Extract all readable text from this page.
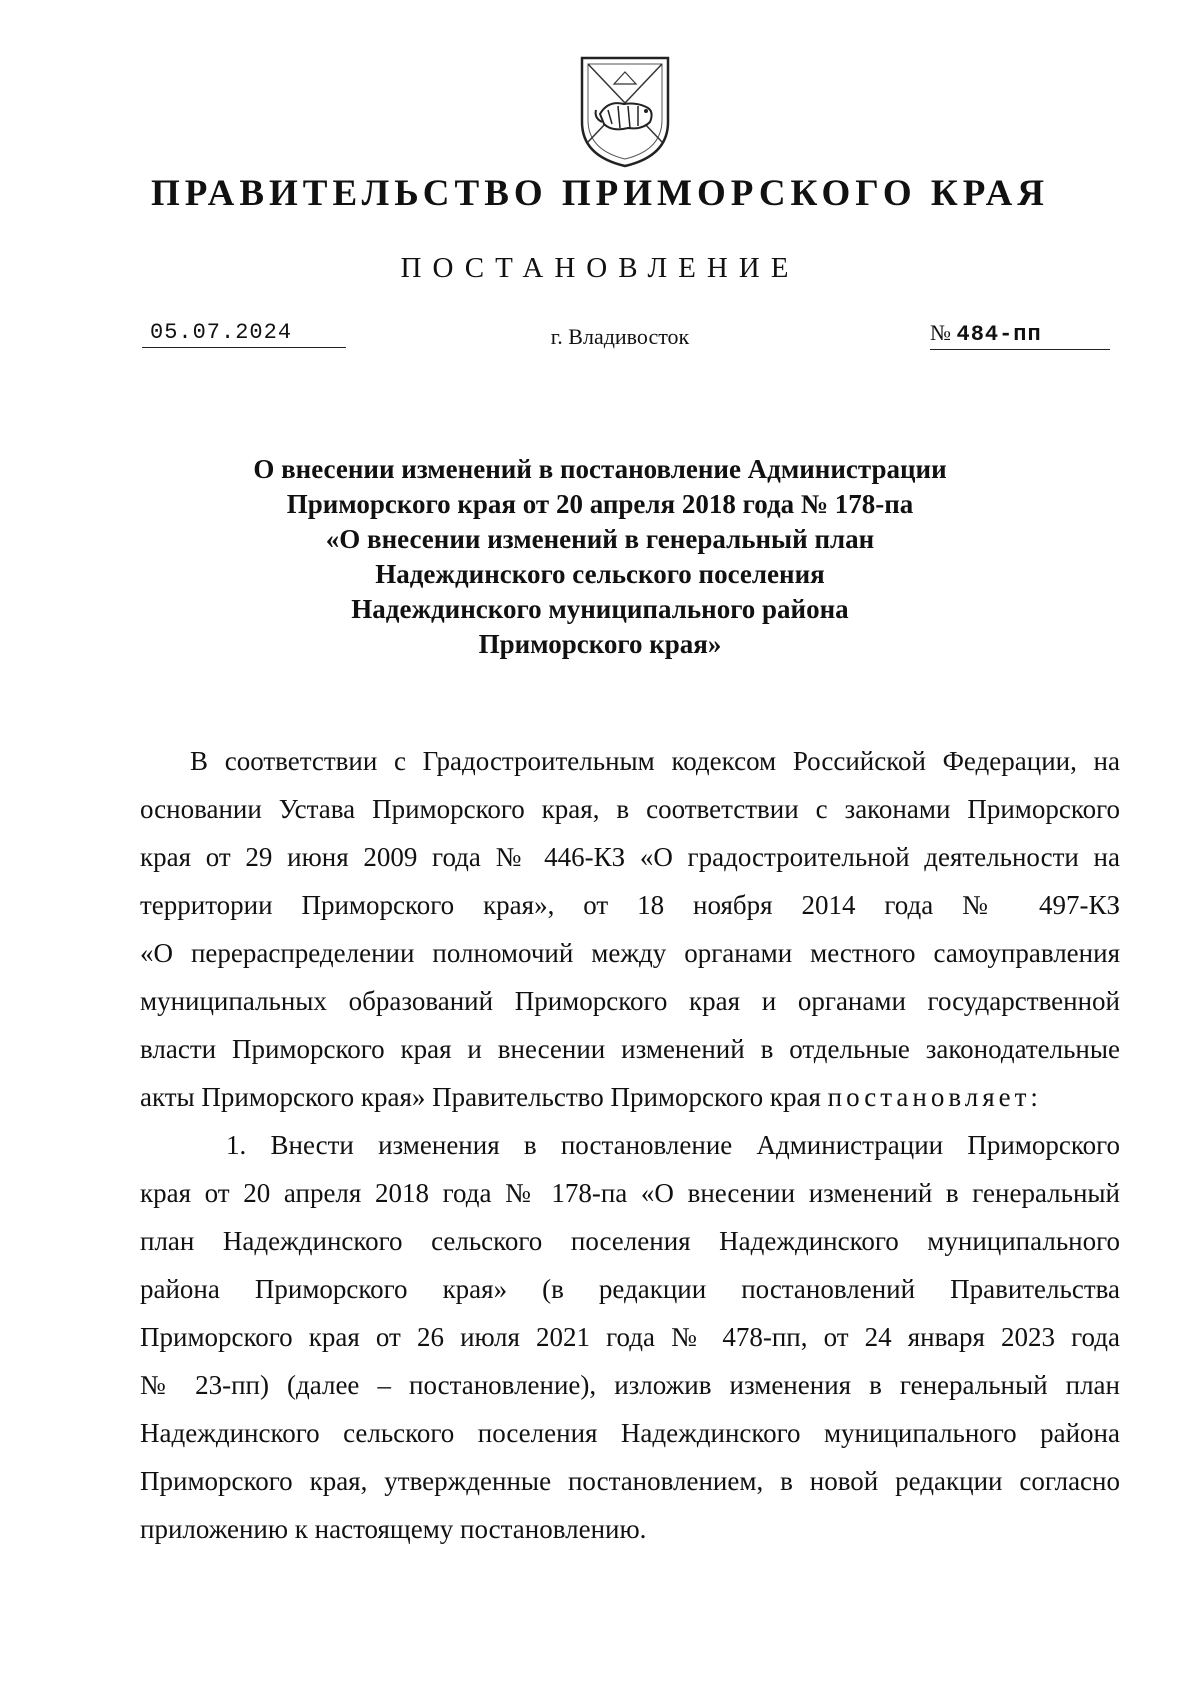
ПРАВИТЕЛЬСТВО ПРИМОРСКОГО КРАЯ
ПОСТАНОВЛЕНИЕ
05.07.2024	г. Владивосток	№ 484-пп
О внесении изменений в постановление Администрации
Приморского края от 20 апреля 2018 года № 178-па
«О внесении изменений в генеральный план
Надеждинского сельского поселения
Надеждинского муниципального района
Приморского края»
В соответствии с Градостроительным кодексом Российской Федерации, на
основании Устава Приморского края, в соответствии с законами Приморского
края от 29 июня 2009 года № 446-КЗ «О градостроительной деятельности на
территории Приморского края», от 18 ноября 2014 года № 497-КЗ
«О перераспределении полномочий между органами местного самоуправления
муниципальных образований Приморского края и органами государственной
власти Приморского края и внесении изменений в отдельные законодательные
акты Приморского края» Правительство Приморского края постановляет:
1. Внести изменения в постановление Администрации Приморского
края от 20 апреля 2018 года № 178-па «О внесении изменений в генеральный
план Надеждинского сельского поселения Надеждинского муниципального
района Приморского края» (в редакции постановлений Правительства
Приморского края от 26 июля 2021 года № 478-пп, от 24 января 2023 года
№ 23-пп) (далее – постановление), изложив изменения в генеральный план
Надеждинского сельского поселения Надеждинского муниципального района
Приморского края, утвержденные постановлением, в новой редакции согласно
приложению к настоящему постановлению.
